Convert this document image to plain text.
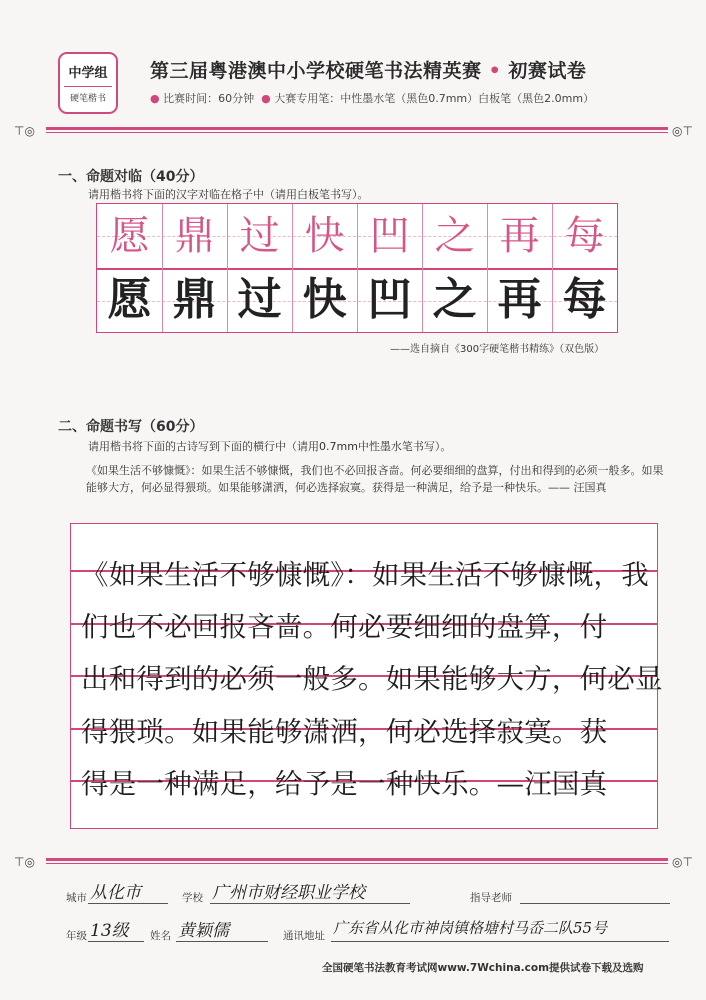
中学组
硬笔楷书
第三届粤港澳中小学校硬笔书法精英赛 • 初赛试卷
● 比赛时间：60分钟 ● 大赛专用笔：中性墨水笔（黑色0.7mm）白板笔（黑色2.0mm）
⊤◎	◎⊤
一、命题对临（40分）
请用楷书将下面的汉字对临在格子中（请用白板笔书写）。
愿 鼎 过 快 凹 之 再 每
愿 鼎 过 快 凹 之 再 每
——选自摘自《300字硬笔楷书精练》（双色版）
二、命题书写（60分）
请用楷书将下面的古诗写到下面的横行中（请用0.7mm中性墨水笔书写）。
《如果生活不够慷慨》：如果生活不够慷慨，我们也不必回报吝啬。何必要细细的盘算，付出和得到的必须一般多。如果能够大方，何必显得猥琐。如果能够潇洒，何必选择寂寞。获得是一种满足，给予是一种快乐。—— 汪国真
《如果生活不够慷慨》：如果生活不够慷慨，我
们也不必回报吝啬。何必要细细的盘算，付
出和得到的必须一般多。如果能够大方，何必显
得猥琐。如果能够潇洒，何必选择寂寞。获
得是一种满足，给予是一种快乐。—汪国真
⊤◎	◎⊤
城市 从化市	学校 广州市财经职业学校	指导老师
年级 13级 姓名 黄颖儒	通讯地址 广东省从化市神岗镇格塘村马岙二队55号
全国硬笔书法教育考试网www.7Wchina.com提供试卷下载及选购
